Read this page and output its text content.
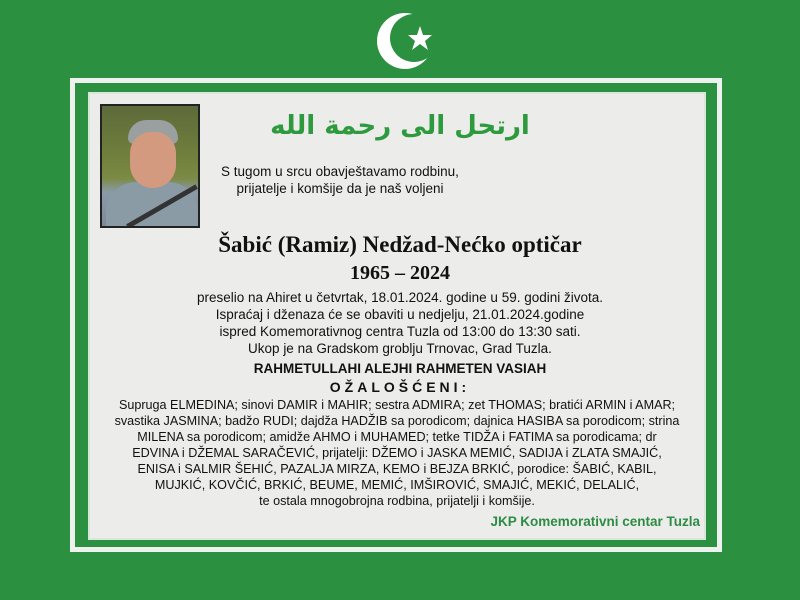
ارتحل الى رحمة الله
S tugom u srcu obavještavamo rodbinu,
prijatelje i komšije da je naš voljeni
Šabić (Ramiz) Nedžad-Nećko optičar
1965 – 2024
preselio na Ahiret u četvrtak, 18.01.2024. godine u 59. godini života.
Ispraćaj i dženaza će se obaviti u nedjelju, 21.01.2024.godine
ispred Komemorativnog centra Tuzla od 13:00 do 13:30 sati.
Ukop je na Gradskom groblju Trnovac, Grad Tuzla.
RAHMETULLAHI ALEJHI RAHMETEN VASIAH
OŽALOŠĆENI:
Supruga ELMEDINA; sinovi DAMIR i MAHIR; sestra ADMIRA; zet THOMAS; bratići ARMIN i AMAR;
svastika JASMINA; badžo RUDI; dajdža HADŽIB sa porodicom; dajnica HASIBA sa porodicom; strina
MILENA sa porodicom; amidže AHMO i MUHAMED; tetke TIDŽA i FATIMA sa porodicama; dr
EDVINA i DŽEMAL SARAČEVIĆ, prijatelji: DŽEMO i JASKA MEMIĆ, SADIJA i ZLATA SMAJIĆ,
ENISA i SALMIR ŠEHIĆ, PAZALJA MIRZA, KEMO i BEJZA BRKIĆ, porodice: ŠABIĆ, KABIL,
MUJKIĆ, KOVČIĆ, BRKIĆ, BEUME, MEMIĆ, IMŠIROVIĆ, SMAJIĆ, MEKIĆ, DELALIĆ,
te ostala mnogobrojna rodbina, prijatelji i komšije.
JKP Komemorativni centar Tuzla
